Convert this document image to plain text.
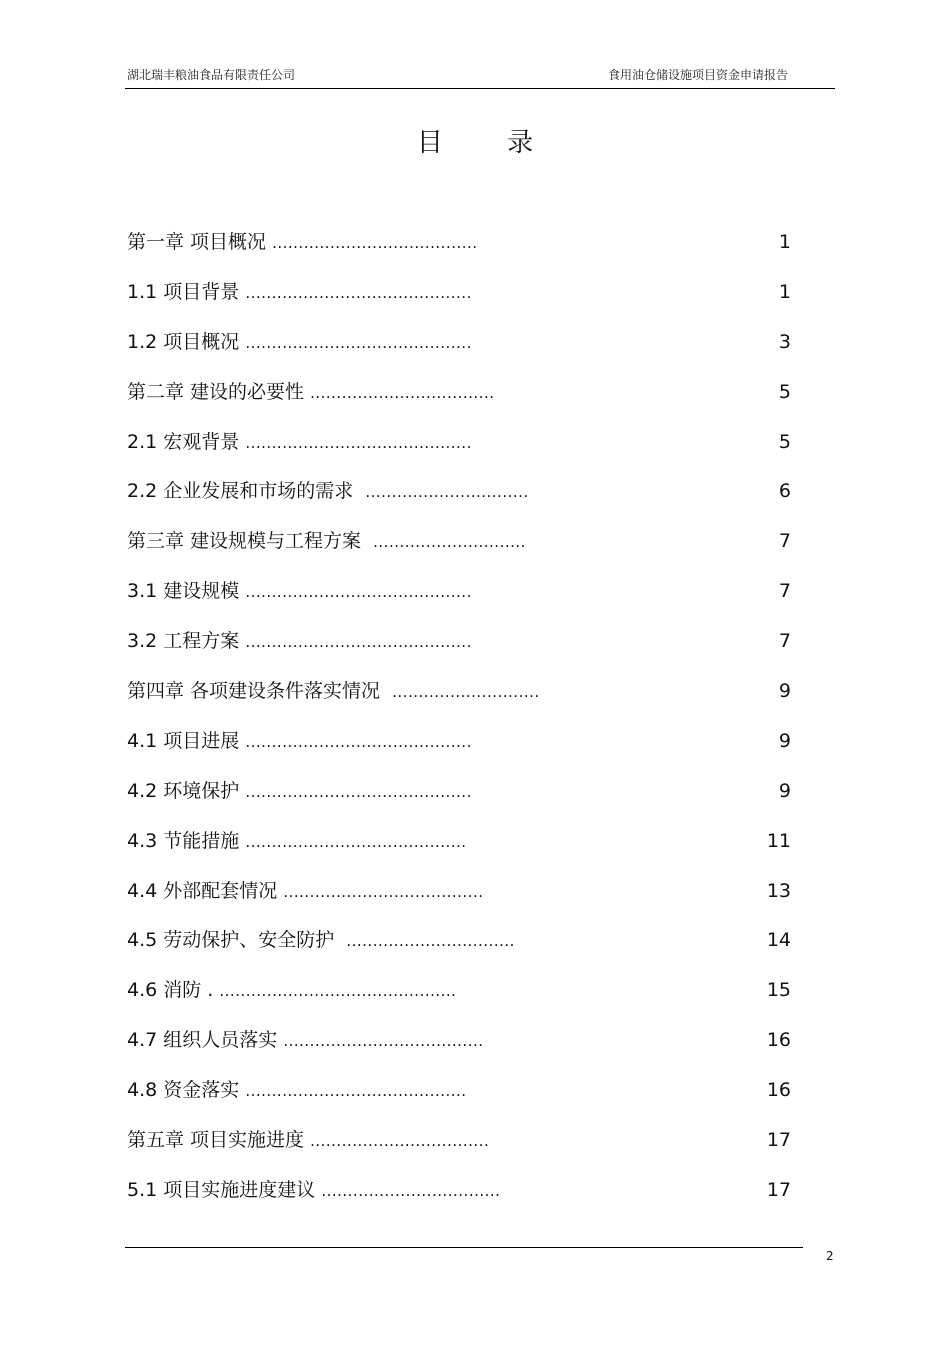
湖北瑞丰粮油食品有限责任公司	食用油仓储设施项目资金申请报告
目 录
第一章 项目概况 .......................................	1
1.1 项目背景 ...........................................	1
1.2 项目概况 ...........................................	3
第二章 建设的必要性 ...................................	5
2.1 宏观背景 ...........................................	5
2.2 企业发展和市场的需求 ...............................	6
第三章 建设规模与工程方案 .............................	7
3.1 建设规模 ...........................................	7
3.2 工程方案 ...........................................	7
第四章 各项建设条件落实情况 ............................	9
4.1 项目进展 ...........................................	9
4.2 环境保护 ...........................................	9
4.3 节能措施 ..........................................	11
4.4 外部配套情况 ......................................	13
4.5 劳动保护、安全防护 ................................	14
4.6 消防 . .............................................	15
4.7 组织人员落实 ......................................	16
4.8 资金落实 ..........................................	16
第五章 项目实施进度 ..................................	17
5.1 项目实施进度建议 ..................................	17
2
